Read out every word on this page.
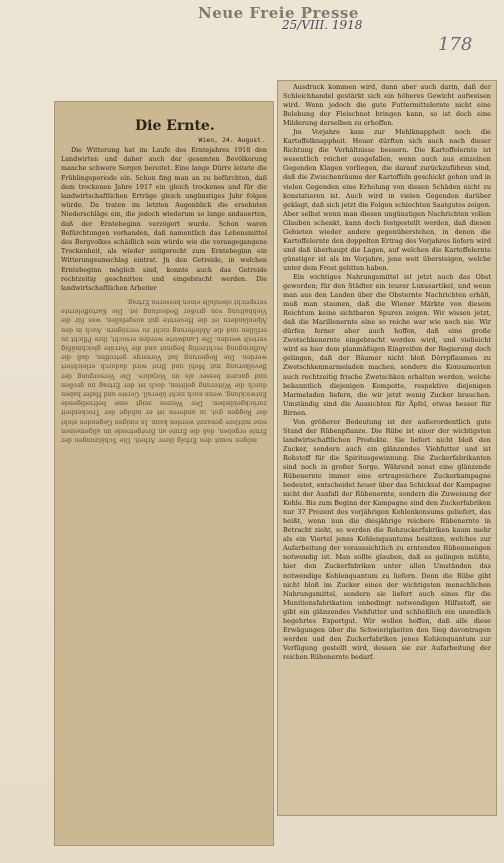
Neue Freie Presse
25/VIII. 1918
178
Die Ernte.
Wien, 24. August.

Die Witterung hat im Laufe des Erntejahres 1918 den Landwirten und daher auch der gesamten Bevölkerung manche schwere Sorgen bereitet. Eine lange Dürre leitete die Frühlingsperiode ein. Schon fing man an zu befürchten, daß dem trockenen Jahre 1917 ein gleich trockenes und für die landwirtschaftlichen Erträge gleich ungünstiges Jahr folgen würde. Da traten im letzten Augenblick die ersehnten Niederschläge ein, die jedoch wiederum so lange andauerten, daß der Erntebeginn verzögert wurde. Schon waren Befürchtungen vorhanden, daß namentlich das Lebensmittel des Bergvolkes schädlich sein würde wie die vorangegangene Trockenheit, als wieder zeitgerecht zum Erntebeginn ein Witterungsumschlag eintrat. Jn den Getreide, in welchen Erntebeginn möglich sind, konnte auch das Getreide rechtzeitig geschnitten und eingebracht werden. Die landwirtschaftlichen Arbeiter

mögen somit den Erfolg ihrer Arbeit. Die Schätzungen der Ernte ergeben, daß die Ernte an Brotgetreide im allgemeinen eine mittlere genannt werden kann. In einigen Gegenden steht der Roggen gut, in anderen ist er infolge der Trockenheit zurückgeblieben. Der Weizen zeigt eine befriedigende Entwicklung, wenn auch nicht überall. Gerste und Hafer haben durch die Witterung gelitten, doch ist der Ertrag im großen und ganzen besser als im Vorjahre. Die Versorgung der Bevölkerung mit Mehl und Brot wird dadurch erleichtert werden. Die Regierung hat Vorsorge getroffen, daß die Aufbringung rechtzeitig beginnt und die Vorräte gleichmäßig verteilt werden. Die Landwirte werden ersucht, ihre Pflicht zu erfüllen und die Ablieferung nicht zu verzögern. Auch in den Alpenländern ist die Heuernte gut ausgefallen, was für die Viehhaltung von großer Bedeutung ist. Die Kartoffelernte verspricht ebenfalls einen besseren Ertrag.

Ausdruck kommen wird, dann aber auch darin, daß der Schleichhandel gestärkt sich ein höheres Gewicht aufweisen wird. Wenn jedoch die gute Futtermittelernte nicht eine Belebung der Fleischnot bringen kann, so ist doch eine Milderung derselben zu erhoffen.

Jm Vorjahre kam zur Mehlknappheit noch die Kartoffelknappheit. Heuer dürften sich auch nach dieser Richtung die Verhältnisse bessern. Die Kartoffelernte ist wesentlich reicher ausgefallen, wenn auch aus einzelnen Gegenden Klagen vorliegen, die darauf zurückzuführen sind, daß die Zwischenräume der Kartoffeln geschickt gehen und in vielen Gegenden eine Erholung von diesen Schäden nicht zu konstatieren ist. Auch wird in vielen Gegenden darüber geklagt, daß sich jetzt die Folgen schlechten Saatgutes zeigen. Aber selbst wenn man diesen ungünstigen Nachrichten vollen Glauben schenkt, kann doch festgestellt werden, daß diesen Gebieten wieder andere gegenüberstehen, in denen die Kartoffelernte den doppelten Ertrag des Vorjahres liefern wird und daß überhaupt die Lagen, auf welchen die Kartoffelernte günstiger ist als im Vorjahre, jene weit übersteigen, welche unter dem Frost gelitten haben.

Ein wichtiges Nahrungsmittel ist jetzt auch das Obst geworden; für den Städter ein teurer Luxusartikel, und wenn man aus den Landen über die Obsternte Nachrichten erhält, muß man staunen, daß die Wiener Märkte von diesem Reichtum keine sichtbaren Spuren zeigen. Wir wissen jetzt, daß die Marillenernte eine so reiche war wie noch nie. Wir dürfen ferner aber auch hoffen, daß eine große Zwetschkenernte eingebracht werden wird, und vielleicht wird es hier dem planmäßigen Eingreifen der Regierung doch gelingen, daß der Bäumer nicht bloß Dörrpflaumen zu Zwetschkenmarmeladen machen, sondern die Konsumenten auch rechtzeitig frische Zwetschken erhalten werden, welche bekanntlich diejenigen Kompotte, respektive diejenigen Marmeladen liefern, die wir jetzt wenig Zucker brauchen. Umständig sind die Aussichten für Äpfel, etwas besser für Birnen.

Von größerer Bedeutung ist der außerordentlich gute Stand der Rübenpflanze. Die Rübe ist einer der wichtigsten landwirtschaftlichen Produkte. Sie liefert nicht bloß den Zucker, sondern auch ein glänzendes Viehfutter und ist Rohstoff für die Spiritusgewinnung. Die Zuckerfabrikanten sind noch in großer Sorge. Während sonst eine glänzende Rübenernte immer eine ertragreichere Zuckerkampagne bedeutet, entscheidet heuer über das Schicksal der Kampagne nicht der Ausfall der Rübenernte, sondern die Zuweisung der Kohle. Bis zum Beginn der Kampagne sind den Zuckerfabriken nur 37 Prozent des vorjährigen Kohlenkonsums geliefert, das heißt, wenn nun die diesjährige reichere Rübenernte in Betracht zieht, so werden die Rohzuckerfabriken kaum mehr als ein Viertel jenes Kohlenquantums besitzen, welches zur Aufarbeitung der voraussichtlich zu erntenden Rübenmengen notwendig ist. Man sollte glauben, daß es gelingen müßte, hier den Zuckerfabriken unter allen Umständen das notwendige Kohlenquantum zu liefern. Denn die Rübe gibt nicht bloß im Zucker eines der wichtigsten menschlichen Nahrungsmittel, sondern sie liefert auch eines für die Munitionsfabrikation unbedingt notwendigen Hilfsstoff, sie gibt ein glänzendes Viehfutter und schließlich ein unendlich begehrtes Exportgut. Wir wollen hoffen, daß alle diese Erwägungen über die Schwierigkeiten den Sieg davontragen werden und den Zuckerfabriken jenes Kohlenquantum zur Verfügung gestellt wird, dessen sie zur Aufarbeitung der reichen Rübenernte bedarf.
